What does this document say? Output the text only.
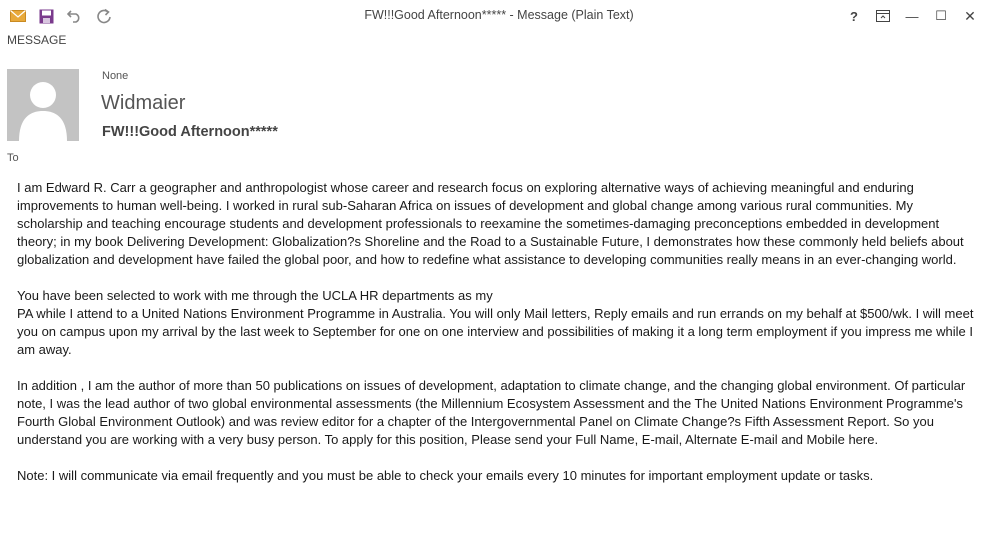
FW!!!Good Afternoon***** - Message (Plain Text)	?	—	☐	✕
MESSAGE
None
Widmaier
FW!!!Good Afternoon*****
To

I am Edward R. Carr a geographer and anthropologist whose career and research focus on exploring alternative ways of achieving meaningful and enduring improvements to human well-being. I worked in rural sub-Saharan Africa on issues of development and global change among various rural communities. My scholarship and teaching encourage students and development professionals to reexamine the sometimes-damaging preconceptions embedded in development theory; in my book Delivering Development: Globalization?s Shoreline and the Road to a Sustainable Future, I demonstrates how these commonly held beliefs about globalization and development have failed the global poor, and how to redefine what assistance to developing communities really means in an ever-changing world.

You have been selected to work with me through the UCLA HR departments as my

PA while I attend to a United Nations Environment Programme in Australia. You will only Mail letters, Reply emails and run errands on my behalf at $500/wk. I will meet you on campus upon my arrival by the last week to September for one on one interview and possibilities of making it a long term employment if you impress me while I am away.

In addition , I am the author of more than 50 publications on issues of development, adaptation to climate change, and the changing global environment. Of particular note, I was the lead author of two global environmental assessments (the Millennium Ecosystem Assessment and the The United Nations Environment Programme's Fourth Global Environment Outlook) and was review editor for a chapter of the Intergovernmental Panel on Climate Change?s Fifth Assessment Report. So you understand you are working with a very busy person. To apply for this position, Please send your Full Name, E-mail, Alternate E-mail and Mobile here.

Note: I will communicate via email frequently and you must be able to check your emails every 10 minutes for important employment update or tasks.
